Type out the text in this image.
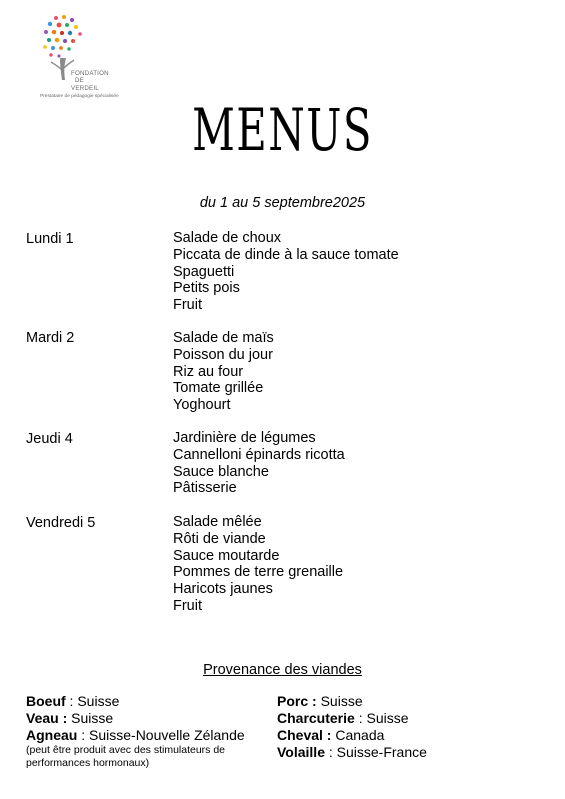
FONDATION
DE
VERDEIL
Prestataire de pédagogie spécialisée	MENUS
du 1 au 5 septembre2025
Lundi 1	Salade de choux
Piccata de dinde à la sauce tomate
Spaguetti
Petits pois
Fruit
Mardi 2	Salade de maïs
Poisson du jour
Riz au four
Tomate grillée
Yoghourt
Jeudi 4	Jardinière de légumes
Cannelloni épinards ricotta
Sauce blanche
Pâtisserie
Vendredi 5	Salade mêlée
Rôti de viande
Sauce moutarde
Pommes de terre grenaille
Haricots jaunes
Fruit
Provenance des viandes
Boeuf : Suisse
Veau : Suisse
Agneau : Suisse-Nouvelle Zélande
(peut être produit avec des stimulateurs de
performances hormonaux)
Porc : Suisse
Charcuterie : Suisse
Cheval : Canada
Volaille : Suisse-France
